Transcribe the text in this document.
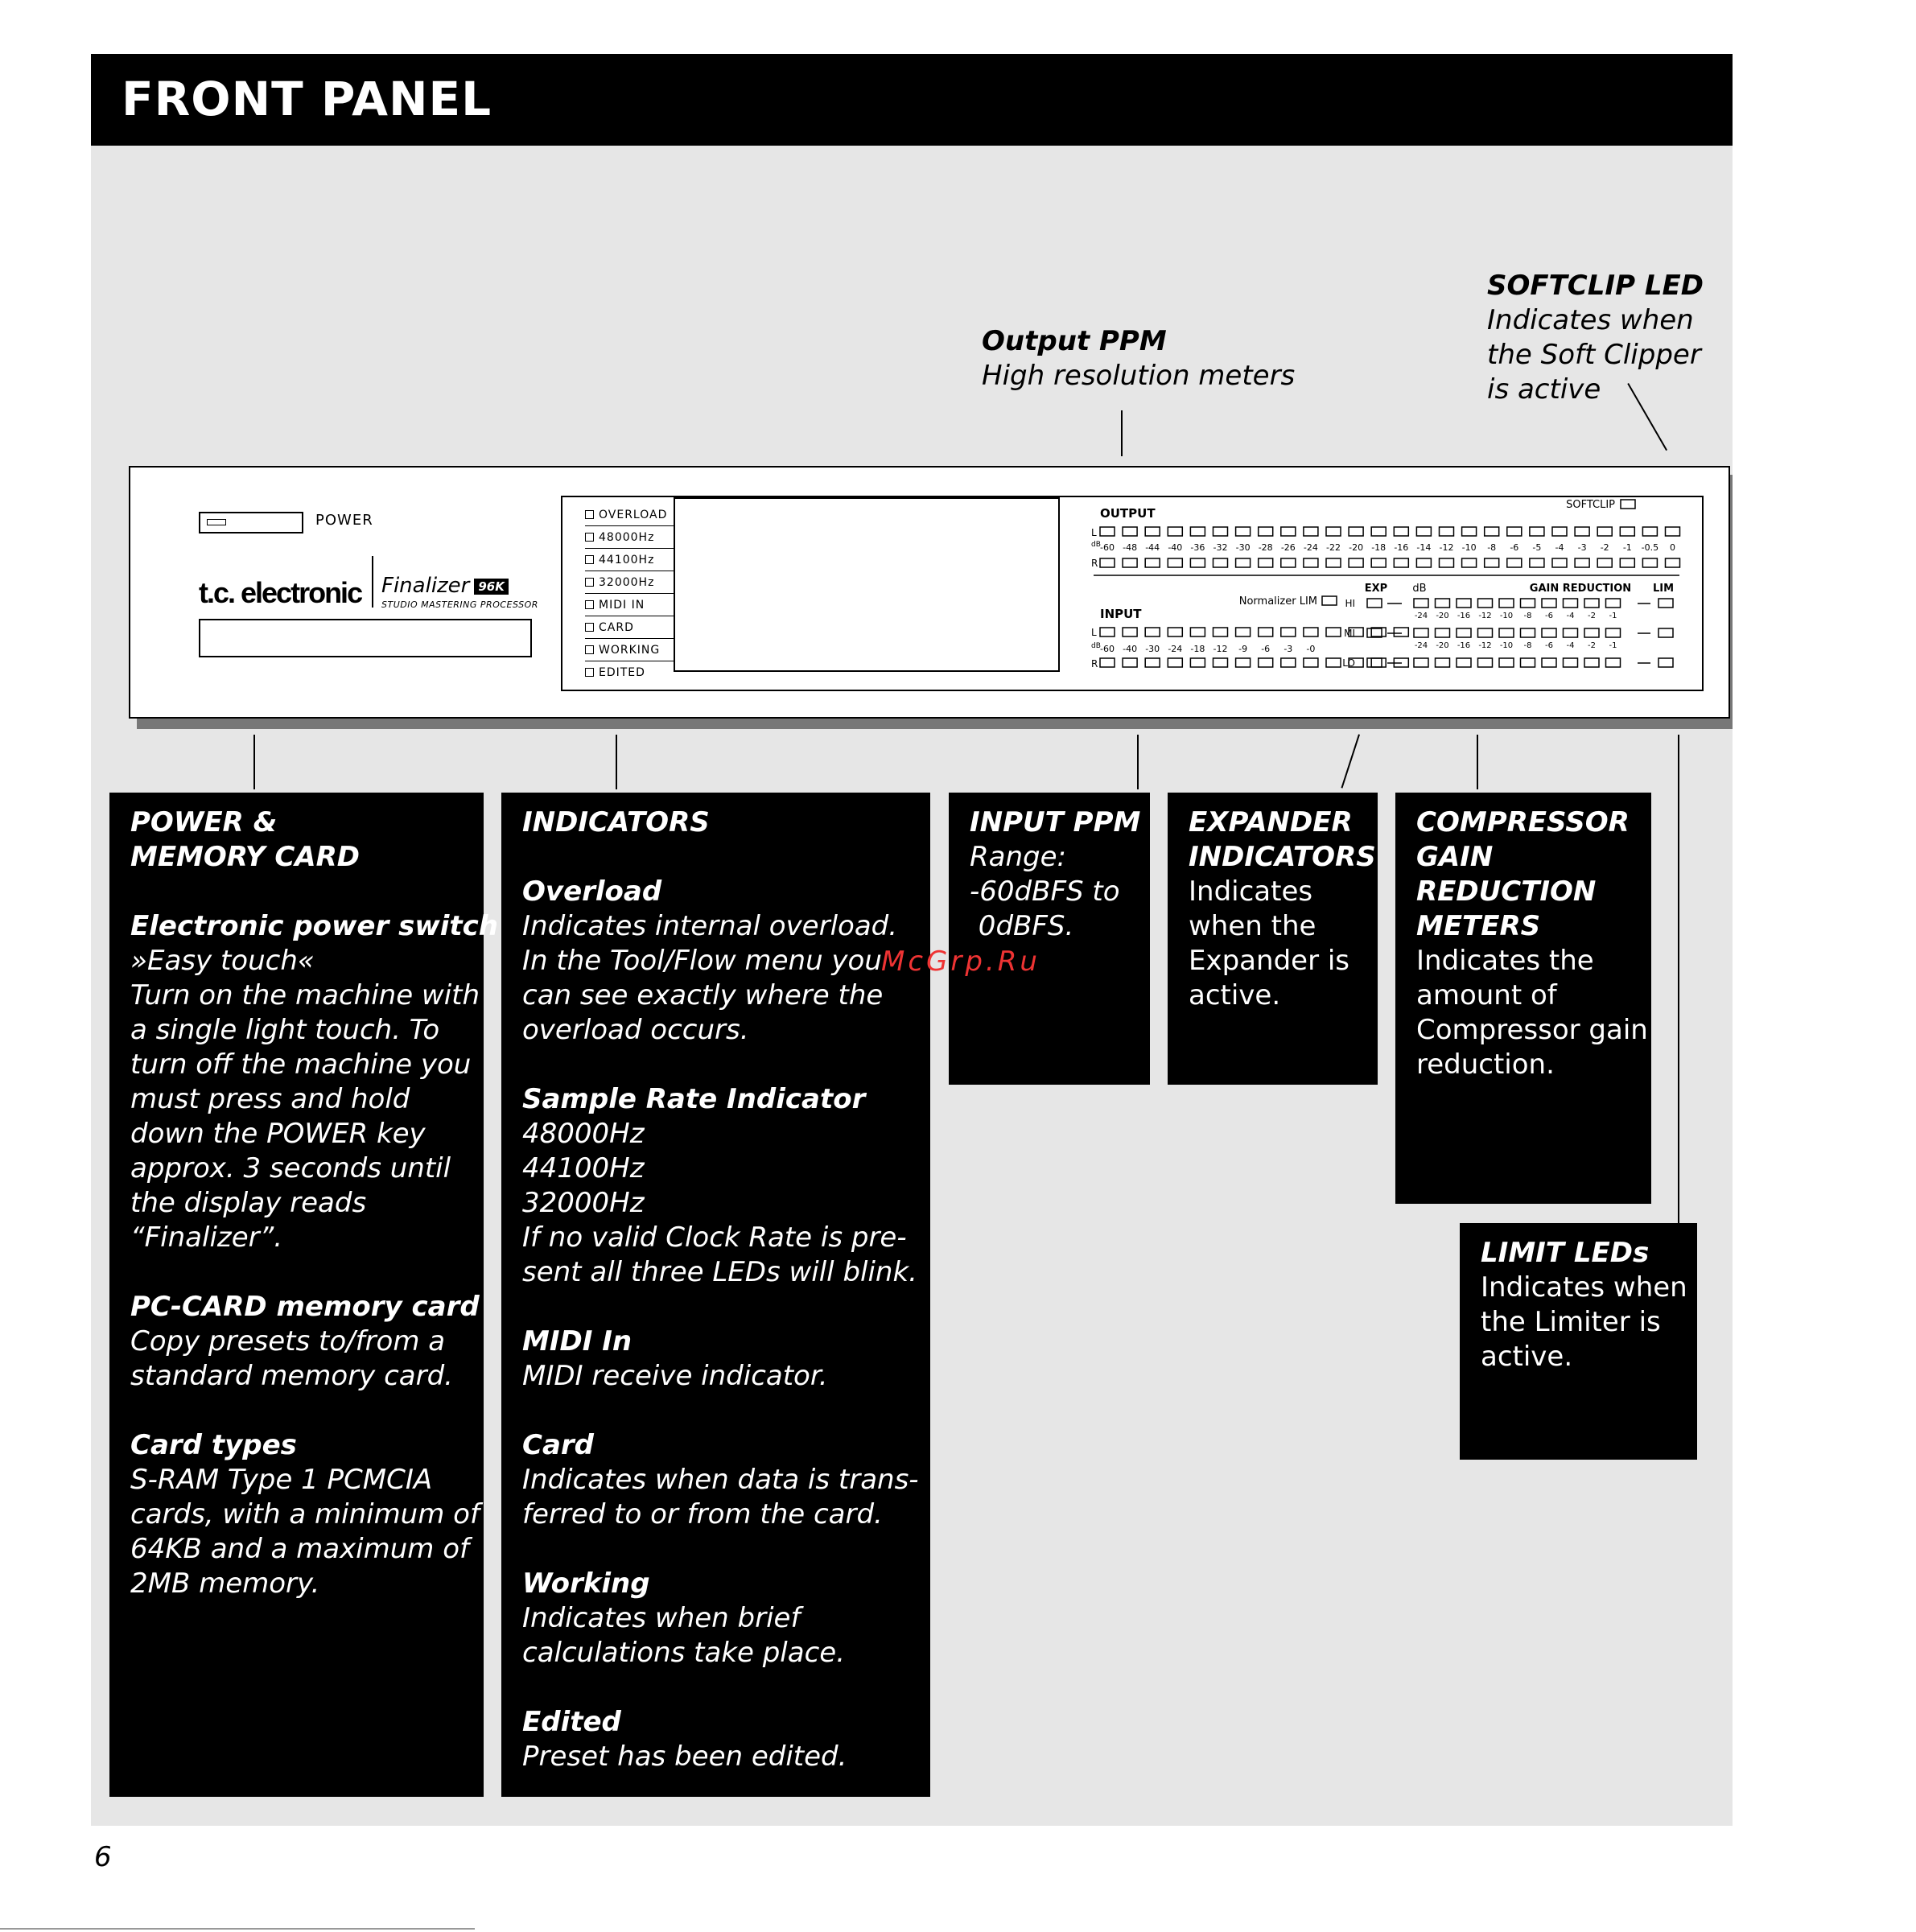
FRONT PANEL
Output PPM
High resolution meters
SOFTCLIP LED
Indicates when
the Soft Clipper
is active
POWER
t.c. electronic Finalizer 96K
STUDIO MASTERING PROCESSOR
OVERLOAD
48000Hz
44100Hz
32000Hz
MIDI IN
CARD
WORKING
EDITED
SOFTCLIP
OUTPUT
L
dB
R
-60 -48 -44 -40 -36 -32 -30 -28 -26 -24 -22 -20 -18 -16 -14 -12 -10 -8 -6 -5 -4 -3 -2 -1 -0.5 0
INPUT
L
dB
R
Normalizer LIM
-60 -40 -30 -24 -18 -12 -9 -6 -3 -0
EXP dB	GAIN REDUCTION LIM
HI
-24 -20 -16 -12 -10 -8 -6 -4 -2 -1
MI
-24 -20 -16 -12 -10 -8 -6 -4 -2 -1
LO

POWER &

MEMORY CARD

Electronic power switch

»Easy touch«

Turn on the machine with

a single light touch. To

turn off the machine you

must press and hold

down the POWER key

approx. 3 seconds until

the display reads

“Finalizer”.

PC-CARD memory card

Copy presets to/from a

standard memory card.

Card types

S-RAM Type 1 PCMCIA

cards, with a minimum of

64KB and a maximum of

2MB memory.

INDICATORS

Overload

Indicates internal overload.

In the Tool/Flow menu you

can see exactly where the

overload occurs.

Sample Rate Indicator

48000Hz

44100Hz

32000Hz

If no valid Clock Rate is pre-

sent all three LEDs will blink.

MIDI In

MIDI receive indicator.

Card

Indicates when data is trans-

ferred to or from the card.

Working

Indicates when brief

calculations take place.

Edited

Preset has been edited.

INPUT PPM

Range:

-60dBFS to

0dBFS.

EXPANDER

INDICATORS

Indicates

when the

Expander is

active.

COMPRESSOR

GAIN

REDUCTION

METERS

Indicates the

amount of

Compressor gain

reduction.

LIMIT LEDs

Indicates when

the Limiter is

active.

McGrp.Ru
6
